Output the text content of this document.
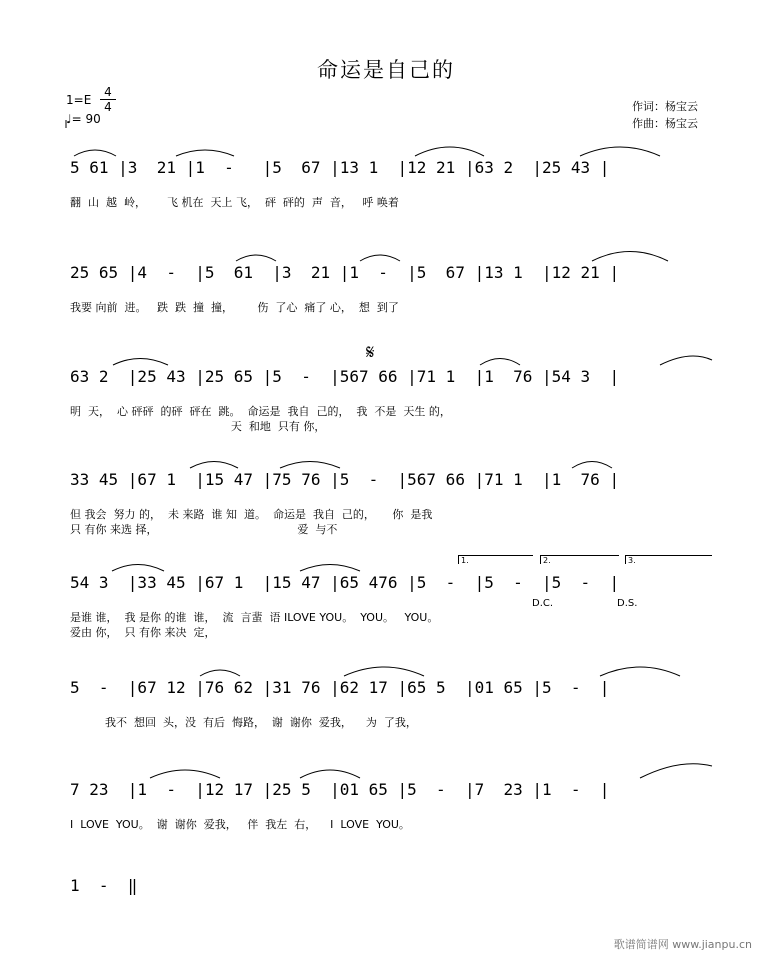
命运是自己的
1=E
4
4
♩= 90
作词：杨宝云
作曲：杨宝云
5 61 |3  21 |1  -   |5  67 |13 1  |12 21 |63 2  |25 43 |
翻  山  越  岭，      飞 机在  天上 飞，  砰  砰的  声  音，   呼 唤着
25 65 |4  -  |5  61  |3  21 |1  -  |5  67 |13 1  |12 21 |
我要 向前  进。   跌  跌  撞  撞，       伤  了心  痛了 心，  想  到了
𝄋
63 2  |25 43 |25 65 |5  -  |567 66 |71 1  |1  76 |54 3  |
明  天，  心 砰砰  的砰  砰在  跳。  命运是  我自  己的，  我  不是  天生 的，
天  和地  只有 你，
33 45 |67 1  |15 47 |75 76 |5  -  |567 66 |71 1  |1  76 |
但 我会  努力 的，  未 来路  谁 知  道。  命运是  我自  己的，     你  是我
只 有你 来选 择，                                        爱  与不
1.	2.	3.
54 3  |33 45 |67 1  |15 47 |65 476 |5  -  |5  -  |5  -  |
是谁 谁，  我 是你 的谁  谁，  流  言蜚  语 ILOVE YOU。  YOU。   YOU。
爱由 你，  只 有你 来决  定，
D.C.	D.S.
5  -  |67 12 |76 62 |31 76 |62 17 |65 5  |01 65 |5  -  |
我不  想回  头，没  有后  悔路，  谢  谢你  爱我，    为  了我，
7 23  |1  -  |12 17 |25 5  |01 65 |5  -  |7  23 |1  -  |
I  LOVE  YOU。  谢  谢你  爱我，   伴  我左  右，    I  LOVE  YOU。
1  -  ‖
歌谱简谱网 www.jianpu.cn
